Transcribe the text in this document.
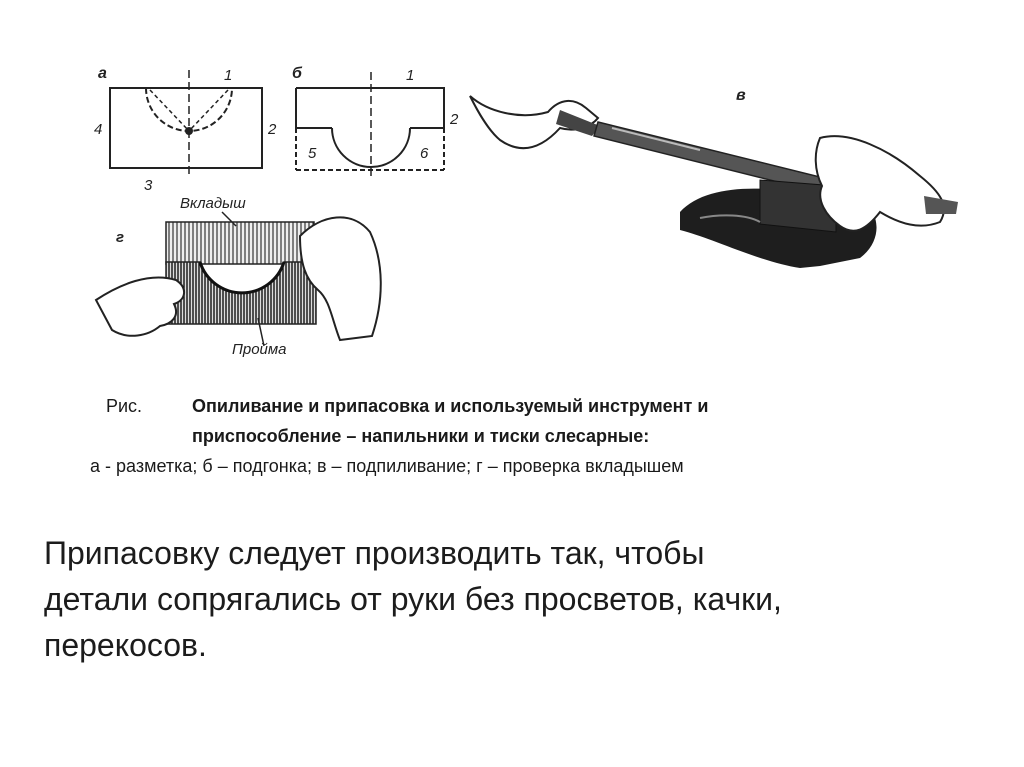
а	1
2
3
4
б	1
2
5	6
в
г
Вкладыш
Пройма
Рис.	Опиливание и припасовка и используемый инструмент и
приспособление – напильники и тиски слесарные:
а - разметка; б – подгонка; в – подпиливание; г – проверка вкладышем
Припасовку следует производить так, чтобы
детали сопрягались от руки без просветов, качки,
перекосов.
